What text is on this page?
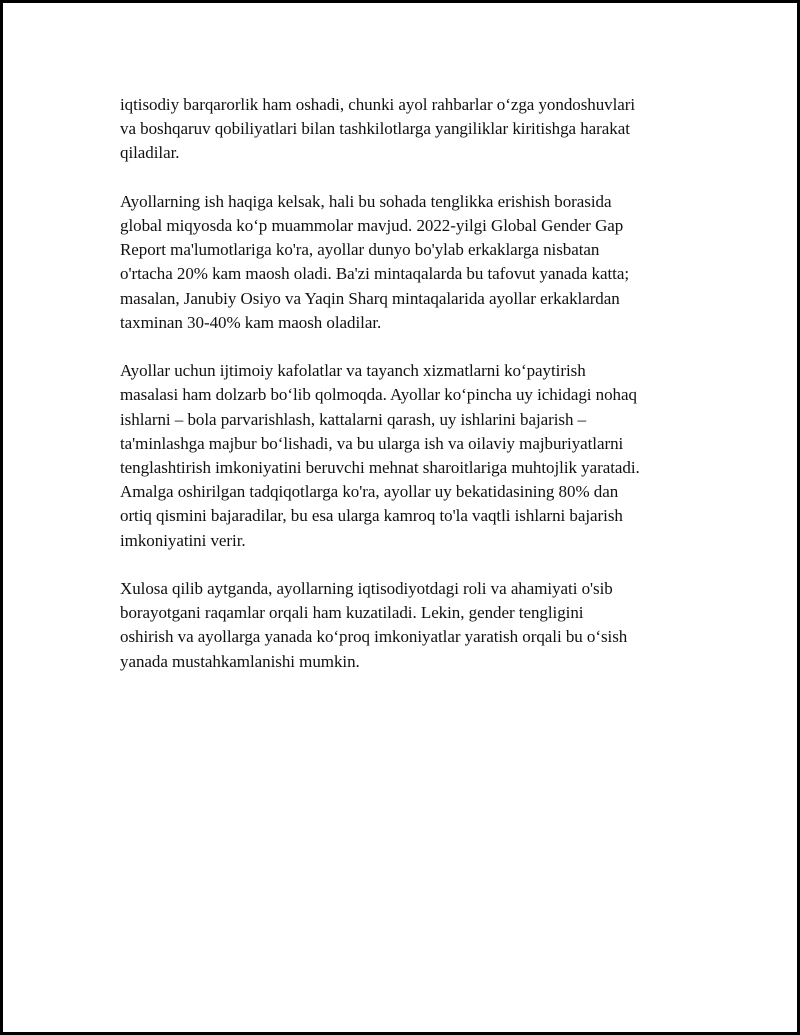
iqtisodiy barqarorlik ham oshadi, chunki ayol rahbarlar o‘zga yondoshuvlari
va boshqaruv qobiliyatlari bilan tashkilotlarga yangiliklar kiritishga harakat
qiladilar.

Ayollarning ish haqiga kelsak, hali bu sohada tenglikka erishish borasida
global miqyosda ko‘p muammolar mavjud. 2022-yilgi Global Gender Gap
Report ma'lumotlariga ko'ra, ayollar dunyo bo'ylab erkaklarga nisbatan
o'rtacha 20% kam maosh oladi. Ba'zi mintaqalarda bu tafovut yanada katta;
masalan, Janubiy Osiyo va Yaqin Sharq mintaqalarida ayollar erkaklardan
taxminan 30-40% kam maosh oladilar.

Ayollar uchun ijtimoiy kafolatlar va tayanch xizmatlarni ko‘paytirish
masalasi ham dolzarb bo‘lib qolmoqda. Ayollar ko‘pincha uy ichidagi nohaq
ishlarni – bola parvarishlash, kattalarni qarash, uy ishlarini bajarish –
ta'minlashga majbur bo‘lishadi, va bu ularga ish va oilaviy majburiyatlarni
tenglashtirish imkoniyatini beruvchi mehnat sharoitlariga muhtojlik yaratadi.
Amalga oshirilgan tadqiqotlarga ko'ra, ayollar uy bekatidasining 80% dan
ortiq qismini bajaradilar, bu esa ularga kamroq to'la vaqtli ishlarni bajarish
imkoniyatini verir.

Xulosa qilib aytganda, ayollarning iqtisodiyotdagi roli va ahamiyati o'sib
borayotgani raqamlar orqali ham kuzatiladi. Lekin, gender tengligini
oshirish va ayollarga yanada ko‘proq imkoniyatlar yaratish orqali bu o‘sish
yanada mustahkamlanishi mumkin.
